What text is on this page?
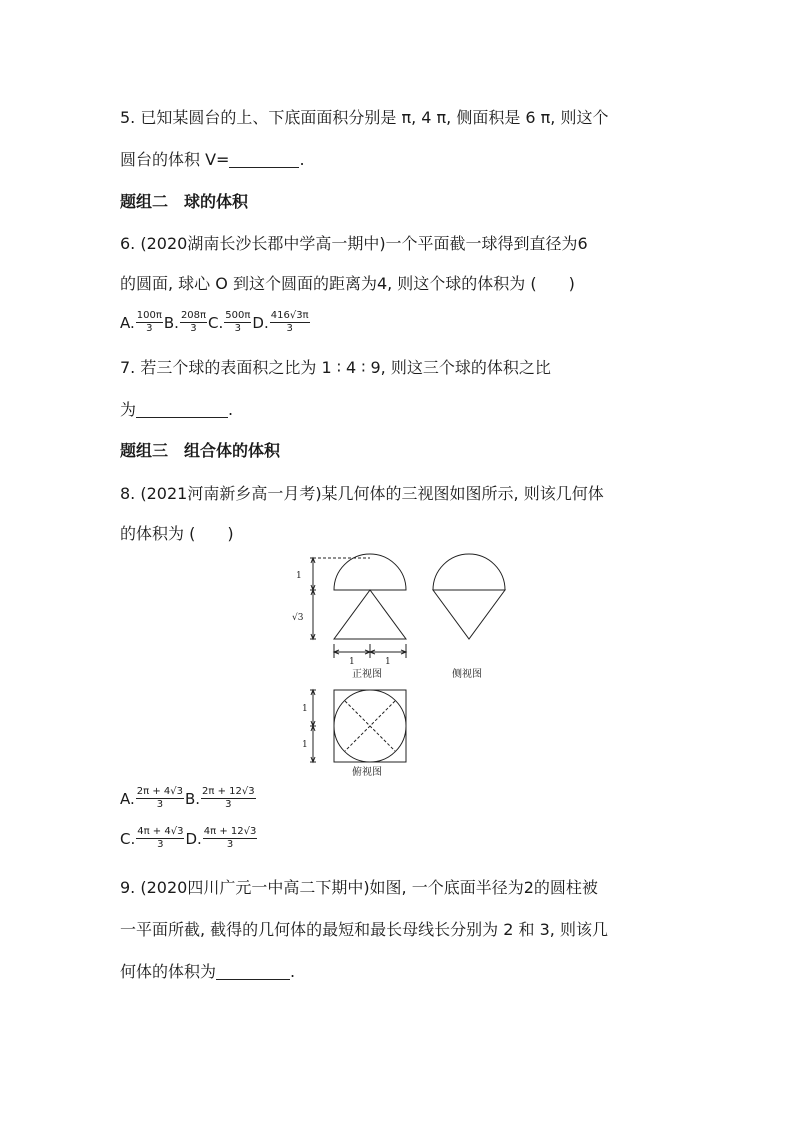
5. 已知某圆台的上、下底面面积分别是 π, 4 π, 侧面积是 6 π, 则这个
圆台的体积 V=	.
题组二　球的体积
6. (2020湖南长沙长郡中学高一期中)一个平面截一球得到直径为6
的圆面, 球心 O 到这个圆面的距离为4, 则这个球的体积为 (　　)
A. $\frac{100\pi}{3} B$. $\frac{208\pi}{3} C$. $\frac{500\pi}{3} D$. $\frac{416√3\pi}{3}$
7. 若三个球的表面积之比为 1 ∶ 4 ∶ 9, 则这三个球的体积之比
为	.
题组三　组合体的体积
8. (2021河南新乡高一月考)某几何体的三视图如图所示, 则该几何体
的体积为 (　　)
1
√3
1	1
1
1
正视图	侧视图
俯视图
A. $\frac{2\pi + 4√3}{3} B$. $\frac{2\pi + 12√3}{3}$
C. $\frac{4\pi + 4√3}{3} D$. $\frac{4\pi + 12√3}{3}$
9. (2020四川广元一中高二下期中)如图, 一个底面半径为2的圆柱被
一平面所截, 截得的几何体的最短和最长母线长分别为 2 和 3, 则该几
何体的体积为	.
